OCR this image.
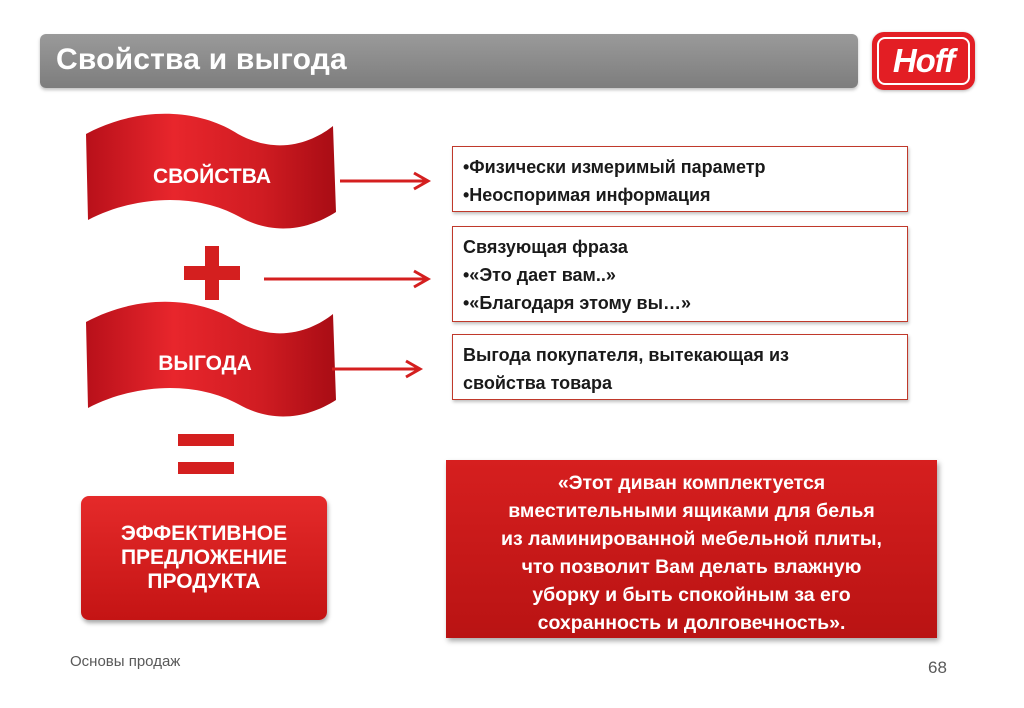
Свойства и выгода	Hoff
СВОЙСТВА	•Физически измеримый параметр
•Неоспоримая информация
Связующая фраза
•«Это дает вам..»
•«Благодаря этому вы…»
ВЫГОДА	Выгода покупателя, вытекающая из
свойства товара
ЭФФЕКТИВНОЕ
ПРЕДЛОЖЕНИЕ
ПРОДУКТА
«Этот диван комплектуется
вместительными ящиками для белья
из ламинированной мебельной плиты,
что позволит Вам делать влажную
уборку и быть спокойным за его
сохранность и долговечность».
Основы продаж	68
